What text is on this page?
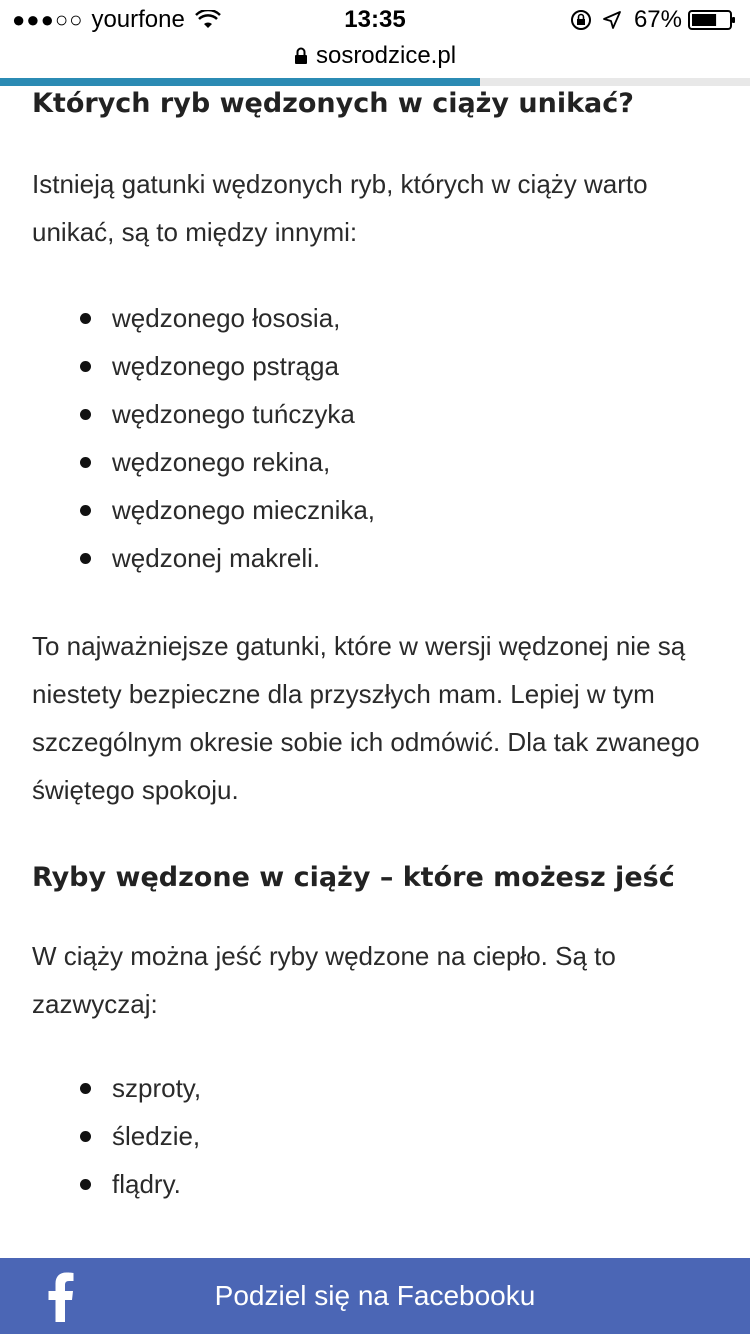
●●●○○ yourfone	13:35	67%
sosrodzice.pl
Których ryb wędzonych w ciąży unikać?

Istnieją gatunki wędzonych ryb, których w ciąży warto unikać, są to między innymi:

wędzonego łososia,
wędzonego pstrąga
wędzonego tuńczyka
wędzonego rekina,
wędzonego miecznika,
wędzonej makreli.

To najważniejsze gatunki, które w wersji wędzonej nie są niestety bezpieczne dla przyszłych mam. Lepiej w tym szczególnym okresie sobie ich odmówić. Dla tak zwanego świętego spokoju.

Ryby wędzone w ciąży – które możesz jeść

W ciąży można jeść ryby wędzone na ciepło. Są to zazwyczaj:

szproty,
śledzie,
flądry.

Podziel się na Facebooku
